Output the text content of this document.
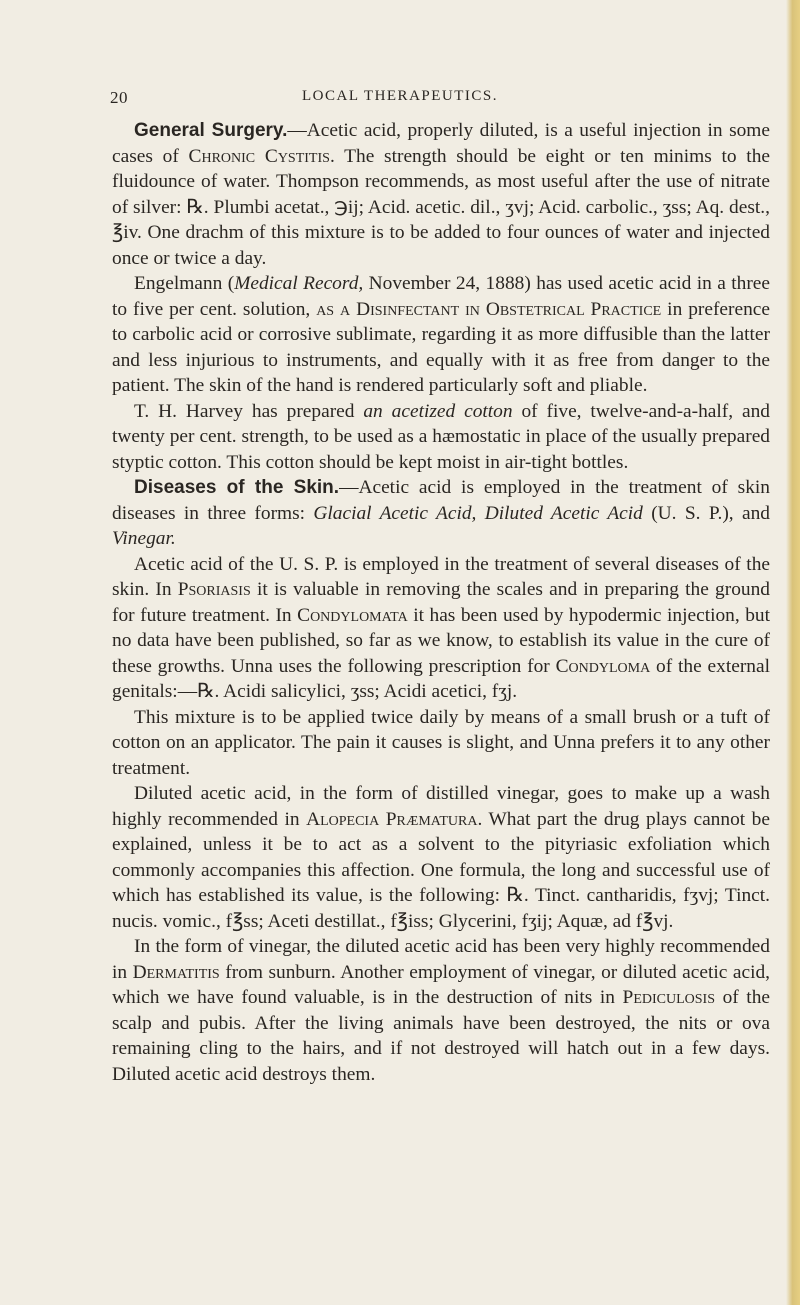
20	LOCAL THERAPEUTICS.

General Surgery.—Acetic acid, properly diluted, is a useful injection in some cases of Chronic Cystitis. The strength should be eight or ten minims to the fluidounce of water. Thompson recommends, as most useful after the use of nitrate of silver: ℞. Plumbi acetat., ℈ij; Acid. acetic. dil., ʒvj; Acid. carbolic., ʒss; Aq. dest., ℥iv. One drachm of this mixture is to be added to four ounces of water and injected once or twice a day.

Engelmann (Medical Record, November 24, 1888) has used acetic acid in a three to five per cent. solution, as a Disinfectant in Obstetrical Practice in preference to carbolic acid or corrosive sublimate, regarding it as more diffusible than the latter and less injurious to instruments, and equally with it as free from danger to the patient. The skin of the hand is rendered particularly soft and pliable.

T. H. Harvey has prepared an acetized cotton of five, twelve-and-a-half, and twenty per cent. strength, to be used as a hæmostatic in place of the usually prepared styptic cotton. This cotton should be kept moist in air-tight bottles.

Diseases of the Skin.—Acetic acid is employed in the treatment of skin diseases in three forms: Glacial Acetic Acid, Diluted Acetic Acid (U. S. P.), and Vinegar.

Acetic acid of the U. S. P. is employed in the treatment of several diseases of the skin. In Psoriasis it is valuable in removing the scales and in preparing the ground for future treatment. In Condylomata it has been used by hypodermic injection, but no data have been published, so far as we know, to establish its value in the cure of these growths. Unna uses the following prescription for Condyloma of the external genitals:—℞. Acidi salicylici, ʒss; Acidi acetici, fʒj.

This mixture is to be applied twice daily by means of a small brush or a tuft of cotton on an applicator. The pain it causes is slight, and Unna prefers it to any other treatment.

Diluted acetic acid, in the form of distilled vinegar, goes to make up a wash highly recommended in Alopecia Præmatura. What part the drug plays cannot be explained, unless it be to act as a solvent to the pityriasic exfoliation which commonly accompanies this affection. One formula, the long and successful use of which has established its value, is the following: ℞. Tinct. cantharidis, fʒvj; Tinct. nucis. vomic., f℥ss; Aceti destillat., f℥iss; Glycerini, fʒij; Aquæ, ad f℥vj.

In the form of vinegar, the diluted acetic acid has been very highly recommended in Dermatitis from sunburn. Another employment of vinegar, or diluted acetic acid, which we have found valuable, is in the destruction of nits in Pediculosis of the scalp and pubis. After the living animals have been destroyed, the nits or ova remaining cling to the hairs, and if not destroyed will hatch out in a few days. Diluted acetic acid destroys them.
